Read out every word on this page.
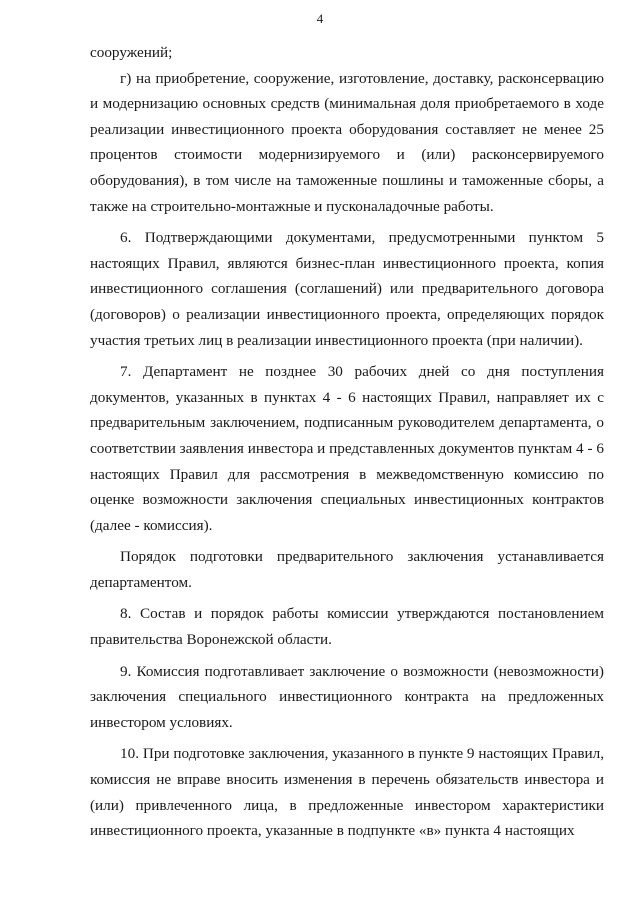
4

сооружений;

г) на приобретение, сооружение, изготовление, доставку, расконсервацию и модернизацию основных средств (минимальная доля приобретаемого в ходе реализации инвестиционного проекта оборудования составляет не менее 25 процентов стоимости модернизируемого и (или) расконсервируемого оборудования), в том числе на таможенные пошлины и таможенные сборы, а также на строительно-монтажные и пусконаладочные работы.

6. Подтверждающими документами, предусмотренными пунктом 5 настоящих Правил, являются бизнес-план инвестиционного проекта, копия инвестиционного соглашения (соглашений) или предварительного договора (договоров) о реализации инвестиционного проекта, определяющих порядок участия третьих лиц в реализации инвестиционного проекта (при наличии).

7. Департамент не позднее 30 рабочих дней со дня поступления документов, указанных в пунктах 4 - 6 настоящих Правил, направляет их с предварительным заключением, подписанным руководителем департамента, о соответствии заявления инвестора и представленных документов пунктам 4 - 6 настоящих Правил для рассмотрения в межведомственную комиссию по оценке возможности заключения специальных инвестиционных контрактов (далее - комиссия).

Порядок подготовки предварительного заключения устанавливается департаментом.

8. Состав и порядок работы комиссии утверждаются постановлением правительства Воронежской области.

9. Комиссия подготавливает заключение о возможности (невозможности) заключения специального инвестиционного контракта на предложенных инвестором условиях.

10. При подготовке заключения, указанного в пункте 9 настоящих Правил, комиссия не вправе вносить изменения в перечень обязательств инвестора и (или) привлеченного лица, в предложенные инвестором характеристики инвестиционного проекта, указанные в подпункте «в» пункта 4 настоящих
